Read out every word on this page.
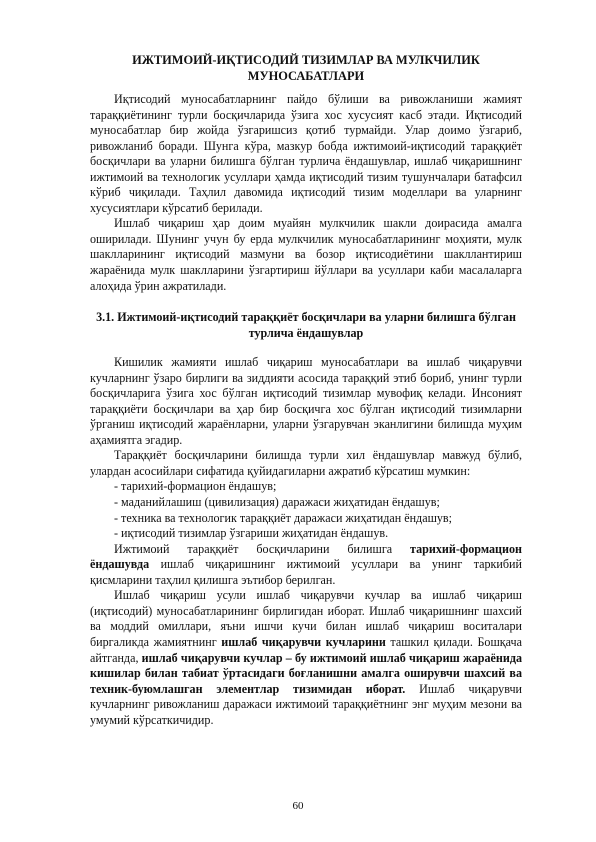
ИЖТИМОИЙ-ИҚТИСОДИЙ ТИЗИМЛАР ВА МУЛКЧИЛИК МУНОСАБАТЛАРИ

Иқтисодий муносабатларнинг пайдо бўлиши ва ривожланиши жамият тараққиётининг турли босқичларида ўзига хос хусусият касб этади. Иқтисодий муносабатлар бир жойда ўзгаришсиз қотиб турмайди. Улар доимо ўзгариб, ривожланиб боради. Шунга кўра, мазкур бобда ижтимоий-иқтисодий тараққиёт босқичлари ва уларни билишга бўлган турлича ёндашувлар, ишлаб чиқаришнинг ижтимоий ва технологик усуллари ҳамда иқтисодий тизим тушунчалари батафсил кўриб чиқилади. Таҳлил давомида иқтисодий тизим моделлари ва уларнинг хусусиятлари кўрсатиб берилади.

Ишлаб чиқариш ҳар доим муайян мулкчилик шакли доирасида амалга оширилади. Шунинг учун бу ерда мулкчилик муносабатларининг моҳияти, мулк шаклларининг иқтисодий мазмуни ва бозор иқтисодиётини шакллантириш жараёнида мулк шаклларини ўзгартириш йўллари ва усуллари каби масалаларга алоҳида ўрин ажратилади.

3.1. Ижтимоий-иқтисодий тараққиёт босқичлари ва уларни билишга бўлган турлича ёндашувлар

Кишилик жамияти ишлаб чиқариш муносабатлари ва ишлаб чиқарувчи кучларнинг ўзаро бирлиги ва зиддияти асосида тараққий этиб бориб, унинг турли босқичларига ўзига хос бўлган иқтисодий тизимлар мувофиқ келади. Инсоният тараққиёти босқичлари ва ҳар бир босқичга хос бўлган иқтисодий тизимларни ўрганиш иқтисодий жараёнларни, уларни ўзгарувчан эканлигини билишда муҳим аҳамиятга эгадир.

Тараққиёт босқичларини билишда турли хил ёндашувлар мавжуд бўлиб, улардан асосийлари сифатида қуйидагиларни ажратиб кўрсатиш мумкин:

- тарихий-формацион ёндашув;

- маданийлашиш (цивилизация) даражаси жиҳатидан ёндашув;

- техника ва технологик тараққиёт даражаси жиҳатидан ёндашув;

- иқтисодий тизимлар ўзгариши жиҳатидан ёндашув.

Ижтимоий тараққиёт босқичларини билишга тарихий-формацион ёндашувда ишлаб чиқаришнинг ижтимоий усуллари ва унинг таркибий қисмларини таҳлил қилишга эътибор берилган.

Ишлаб чиқариш усули ишлаб чиқарувчи кучлар ва ишлаб чиқариш (иқтисодий) муносабатларининг бирлигидан иборат. Ишлаб чиқаришнинг шахсий ва моддий омиллари, яъни ишчи кучи билан ишлаб чиқариш воситалари биргаликда жамиятнинг ишлаб чиқарувчи кучларини ташкил қилади. Бошқача айтганда, ишлаб чиқарувчи кучлар – бу ижтимоий ишлаб чиқариш жараёнида кишилар билан табиат ўртасидаги боғланишни амалга оширувчи шахсий ва техник-буюмлашган элементлар тизимидан иборат. Ишлаб чиқарувчи кучларнинг ривожланиш даражаси ижтимоий тараққиётнинг энг муҳим мезони ва умумий кўрсаткичидир.

60
